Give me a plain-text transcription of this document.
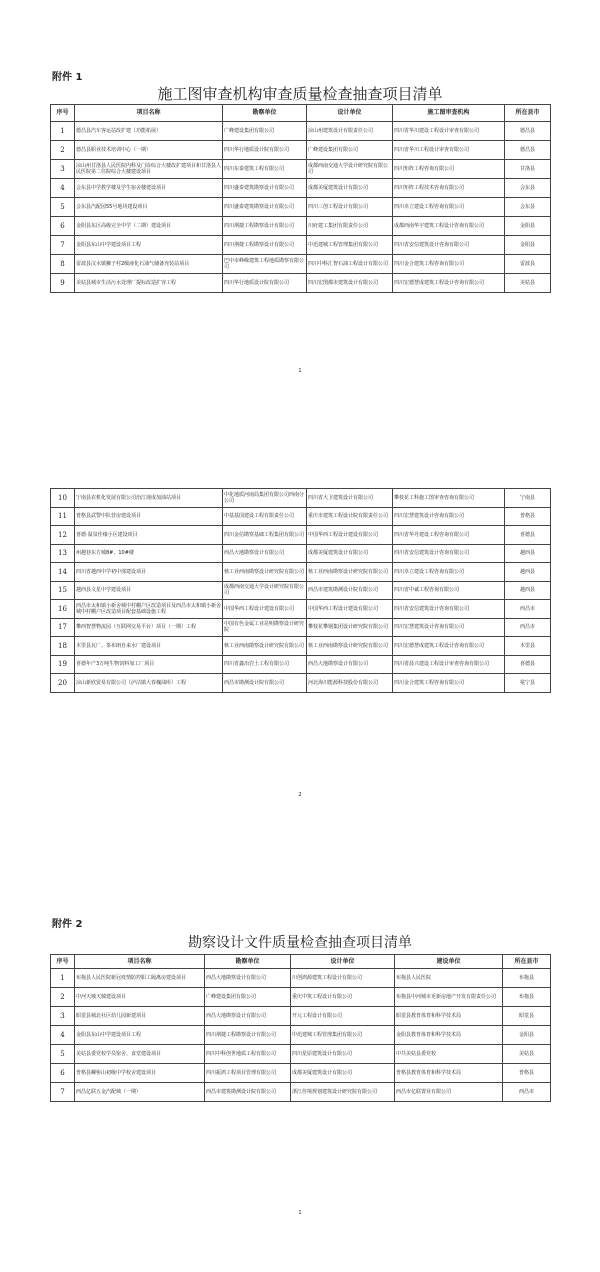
附件 1
施工图审查机构审查质量检查抽查项目清单
序号	项目名称	勘察单位	设计单位	施工图审查机构	所在县市
1	德昌县汽车客运站改扩建（功能拓展）	广峰建设集团有限公司	凉山州建筑设计有限责任公司	四川省华川建设工程设计审查有限公司	德昌县
2	德昌县职业技术培训中心（一期）	四川华行地质设计院有限公司	广峰建设集团有限公司	四川省华川工程设计审查有限公司	德昌县
3	凉山州甘洛县人民医院内科及门诊综合大楼改扩建项目和甘洛县人民医院第二住院综合大楼建设项目	四川东泰建筑工程有限公司	成都西南交通大学设计研究院有限公司	四川矩阵工程咨询有限公司	甘洛县
4	会东县中学教学楼及学生宿舍楼建设项目	四川盛泰建筑勘察设计有限公司	成都美厦建筑设计有限公司	四川矩阵工程技术咨询有限公司	会东县
5	会东县汽配园55号地块建设项目	四川盛泰建筑勘察设计有限公司	四川三创工程设计有限公司	四川卓立建设工程咨询有限公司	会东县
6	金阳县东区高级完全中学（二期）建设项目	四川荆捷工程勘察设计有限公司	川府建工集团有限责任公司	成都西南华宇建筑工程设计咨询有限公司	金阳县
7	金阳县东山中学建设项目工程	四川荆捷工程勘察设计有限公司	中迅建城工程管理集团有限公司	四川省安信建筑设计咨询有限公司	金阳县
8	雷波县汶水镇狮子村2级液化石油气储备充装站项目	巴中市峥嵘建筑工程地质勘察有限公司	四川中科汇智石油工程设计有限公司	四川金合建筑工程咨询有限公司	雷波县
9	美姑县城市生活污水处理厂提标改造扩容工程	四川华行地质设计院有限公司	四川宏图都市建筑设计有限公司	四川宏德慧成建筑工程设计咨询有限公司	美姑县
1
10	宁南县农机化发展有限公司治江现成加油站项目	中化地质河南局集团有限公司西南分公司	四川省大卫建筑设计有限公司	攀枝花工科施工图审查咨询有限公司	宁南县
11	普格县武警中队营房建设项目	中基基国建设工程有限责任公司	重庆市建筑工程设计院有限责任公司	四川宏慧建筑设计咨询有限公司	普格县
12	喜德·温泉佳缘小区建设项目	四川金信勘察基础工程集团有限公司	中国华西工程设计建设有限公司	四川省华丹建设工程咨询有限公司	喜德县
13	州越巷东方城8#、10#楼	西昌大地勘察设计有限公司	成都美厦建筑设计有限公司	四川省安信建筑设计咨询有限公司	越西县
14	四川省越西中学初中部建设项目	核工业西南勘察设计研究院有限公司	核工业西南勘察设计研究院有限公司	四川卓立建设工程咨询有限公司	越西县
15	越西县文星中学建设项目	成都西南交通大学设计研究院有限公司	西昌市建筑勘测设计院有限公司	四川省中诚工程咨询有限公司	越西县
16	西昌市太和镇小新舍城中村棚户区改造项目及西昌市太和镇小新舍城中村棚户区改造项目配套基础设施工程	中国华西工程设计建设有限公司	中国华西工程设计建设有限公司	四川省安信建筑设计咨询有限公司	西昌市
17	攀西智慧物流园（互联网交易平台）项目（一期）工程	中国有色金属工业昆明勘察设计研究院	攀枝花攀钢集团设计研究院有限公司	四川宏慧建筑设计咨询有限公司	西昌市
18	木里县瓦厂、茶布朗自来水厂建设项目	核工业西南勘察设计研究院有限公司	核工业西南勘察设计研究院有限公司	四川宏德慧成建筑工程设计咨询有限公司	木里县
19	喜德年产3万吨生物饲料加工厂项目	四川省鑫冶岩土工程有限公司	西昌大地勘察设计有限公司	四川省晨兴建设工程设计审查咨询有限公司	喜德县
20	凉山新欣贸易有限公司（泸沽镇大春槐油库）工程	西昌市勘测设计院有限公司	河北海川能源科技股份有限公司	四川金合建筑工程咨询有限公司	冕宁县
2
附件 2
勘察设计文件质量检查抽查项目清单
序号	项目名称	勘察单位	设计单位	建设单位	所在县市
1	布拖县人民医院新冠疫情防控职工隔离房建设项目	西昌大地勘察设计有限公司	川创鸿源建筑工程设计有限公司	布拖县人民医院	布拖县
2	中河天城天城建设项目	广峰建设集团有限公司	重庆中筑工程设计有限公司	布拖县中河城市更新房地产开发有限责任公司	布拖县
3	昭觉县城北社区幼儿园新建项目	西昌大地勘察设计有限公司	开元工程设计有限公司	昭觉县教育体育和科学技术局	昭觉县
4	金阳县东山中学建设项目工程	四川荆捷工程勘察设计有限公司	中迅建城工程管理集团有限公司	金阳县教育体育和科学技术局	金阳县
5	美姑县委党校学员宿舍、食堂建设项目	四川中科创世地质工程有限公司	四川星原建筑设计有限公司	中共美姑县委党校	美姑县
6	普格县螺髻山初级中学校舍建设项目	四川振鸿工程项目管理有限公司	成都美厦建筑设计有限公司	普格县教育体育和科学技术局	普格县
7	西昌亿联五金汽配城（一期）	西昌市建筑勘测设计院有限公司	浙江佳境规划建筑设计研究院有限公司	西昌市亿联置业有限公司	西昌市
1
